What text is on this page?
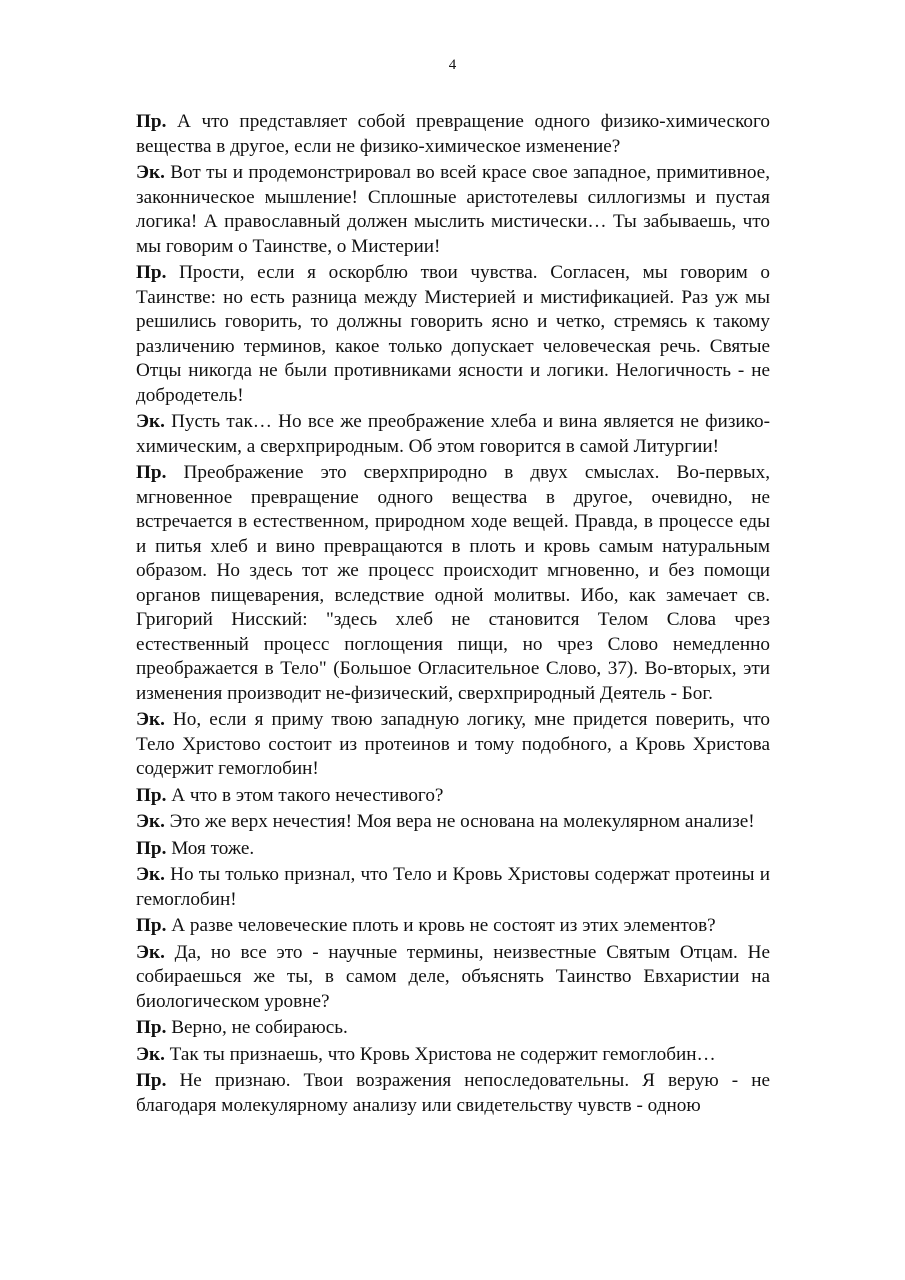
4

Пр. А что представляет собой превращение одного физико-химического вещества в другое, если не физико-химическое изменение?

Эк. Вот ты и продемонстрировал во всей красе свое западное, примитивное, законническое мышление! Сплошные аристотелевы силлогизмы и пустая логика! А православный должен мыслить мистически… Ты забываешь, что мы говорим о Таинстве, о Мистерии!

Пр. Прости, если я оскорблю твои чувства. Согласен, мы говорим о Таинстве: но есть разница между Мистерией и мистификацией. Раз уж мы решились говорить, то должны говорить ясно и четко, стремясь к такому различению терминов, какое только допускает человеческая речь. Святые Отцы никогда не были противниками ясности и логики. Нелогичность - не добродетель!

Эк. Пусть так… Но все же преображение хлеба и вина является не физико-химическим, а сверхприродным. Об этом говорится в самой Литургии!

Пр. Преображение это сверхприродно в двух смыслах. Во-первых, мгновенное превращение одного вещества в другое, очевидно, не встречается в естественном, природном ходе вещей. Правда, в процессе еды и питья хлеб и вино превращаются в плоть и кровь самым натуральным образом. Но здесь тот же процесс происходит мгновенно, и без помощи органов пищеварения, вследствие одной молитвы. Ибо, как замечает св. Григорий Нисский: "здесь хлеб не становится Телом Слова чрез естественный процесс поглощения пищи, но чрез Слово немедленно преображается в Тело" (Большое Огласительное Слово, 37). Во-вторых, эти изменения производит не-физический, сверхприродный Деятель - Бог.

Эк. Но, если я приму твою западную логику, мне придется поверить, что Тело Христово состоит из протеинов и тому подобного, а Кровь Христова содержит гемоглобин!

Пр. А что в этом такого нечестивого?

Эк. Это же верх нечестия! Моя вера не основана на молекулярном анализе!

Пр. Моя тоже.

Эк. Но ты только признал, что Тело и Кровь Христовы содержат протеины и гемоглобин!

Пр. А разве человеческие плоть и кровь не состоят из этих элементов?

Эк. Да, но все это - научные термины, неизвестные Святым Отцам. Не собираешься же ты, в самом деле, объяснять Таинство Евхаристии на биологическом уровне?

Пр. Верно, не собираюсь.

Эк. Так ты признаешь, что Кровь Христова не содержит гемоглобин…

Пр. Не признаю. Твои возражения непоследовательны. Я верую - не благодаря молекулярному анализу или свидетельству чувств - одною
